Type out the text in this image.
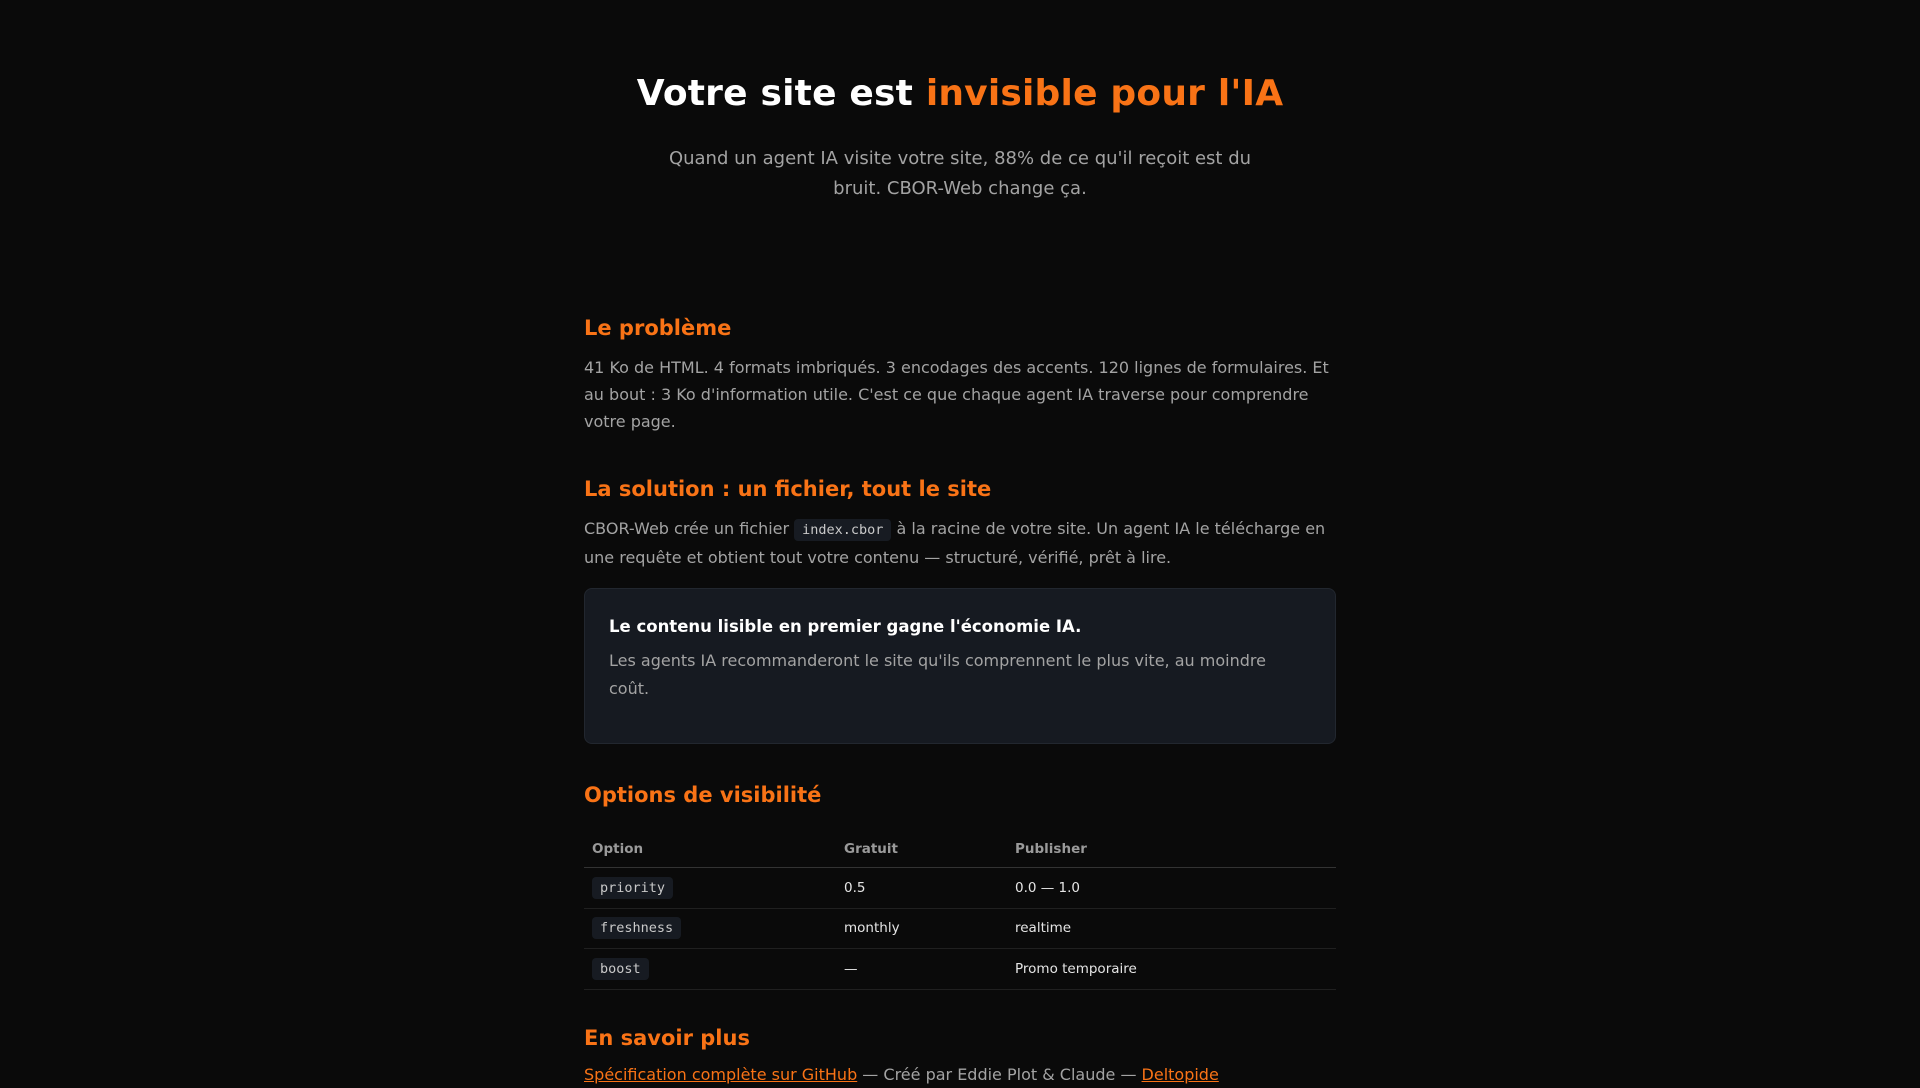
Votre site est invisible pour l'IA

Quand un agent IA visite votre site, 88% de ce qu'il reçoit est du bruit. CBOR-Web change ça.

Le problème

41 Ko de HTML. 4 formats imbriqués. 3 encodages des accents. 120 lignes de formulaires. Et au bout : 3 Ko d'information utile. C'est ce que chaque agent IA traverse pour comprendre votre page.

La solution : un fichier, tout le site

CBOR-Web crée un fichier index.cbor à la racine de votre site. Un agent IA le télécharge en une requête et obtient tout votre contenu — structuré, vérifié, prêt à lire.

Le contenu lisible en premier gagne l'économie IA.
Les agents IA recommanderont le site qu'ils comprennent le plus vite, au moindre coût.
Options de visibilité
Option	Gratuit	Publisher
priority	0.5	0.0 — 1.0
freshness	monthly	realtime
boost	—	Promo temporaire
En savoir plus

Spécification complète sur GitHub — Créé par Eddie Plot & Claude — Deltopide
